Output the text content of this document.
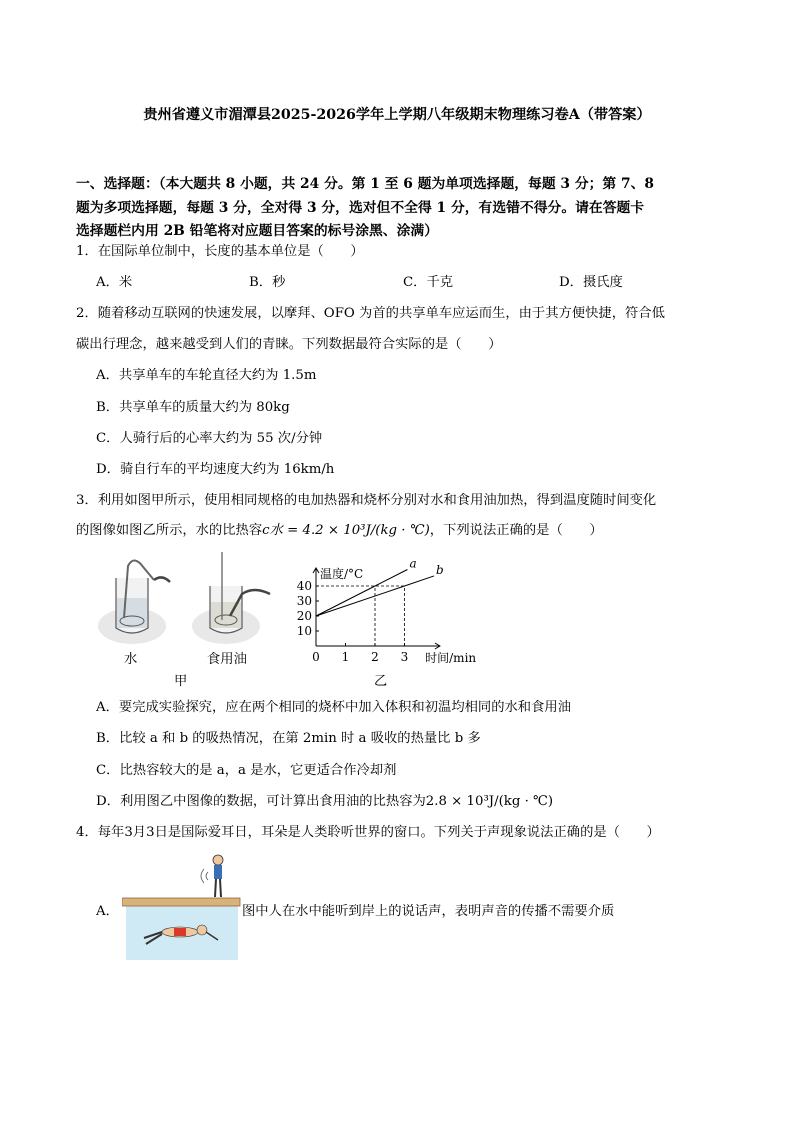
贵州省遵义市湄潭县2025-2026学年上学期八年级期末物理练习卷A（带答案）
一、选择题：（本大题共 8 小题，共 24 分。第 1 至 6 题为单项选择题，每题 3 分；第 7、8
题为多项选择题，每题 3 分，全对得 3 分，选对但不全得 1 分，有选错不得分。请在答题卡
选择题栏内用 2B 铅笔将对应题目答案的标号涂黑、涂满）
1．在国际单位制中，长度的基本单位是（　　）
A．米	B．秒	C．千克	D．摄氏度
2．随着移动互联网的快速发展，以摩拜、OFO 为首的共享单车应运而生，由于其方便快捷，符合低
碳出行理念，越来越受到人们的青睐。下列数据最符合实际的是（　　）
A．共享单车的车轮直径大约为 1.5m
B．共享单车的质量大约为 80kg
C．人骑行后的心率大约为 55 次/分钟
D．骑自行车的平均速度大约为 16km/h
3．利用如图甲所示，使用相同规格的电加热器和烧杯分别对水和食用油加热，得到温度随时间变化
的图像如图乙所示，水的比热容c水 = 4.2 × 10³J/(kg · ℃)，下列说法正确的是（　　）
水	食用油
甲
0 1 2 3
10
20
30
40
a b
温度/°C
时间/min
乙
A．要完成实验探究，应在两个相同的烧杯中加入体积和初温均相同的水和食用油
B．比较 a 和 b 的吸热情况，在第 2min 时 a 吸收的热量比 b 多
C．比热容较大的是 a，a 是水，它更适合作冷却剂
D．利用图乙中图像的数据，可计算出食用油的比热容为2.8 × 10³J/(kg · ℃)
4．每年3月3日是国际爱耳日，耳朵是人类聆听世界的窗口。下列关于声现象说法正确的是（　　）
A．	图中人在水中能听到岸上的说话声，表明声音的传播不需要介质
